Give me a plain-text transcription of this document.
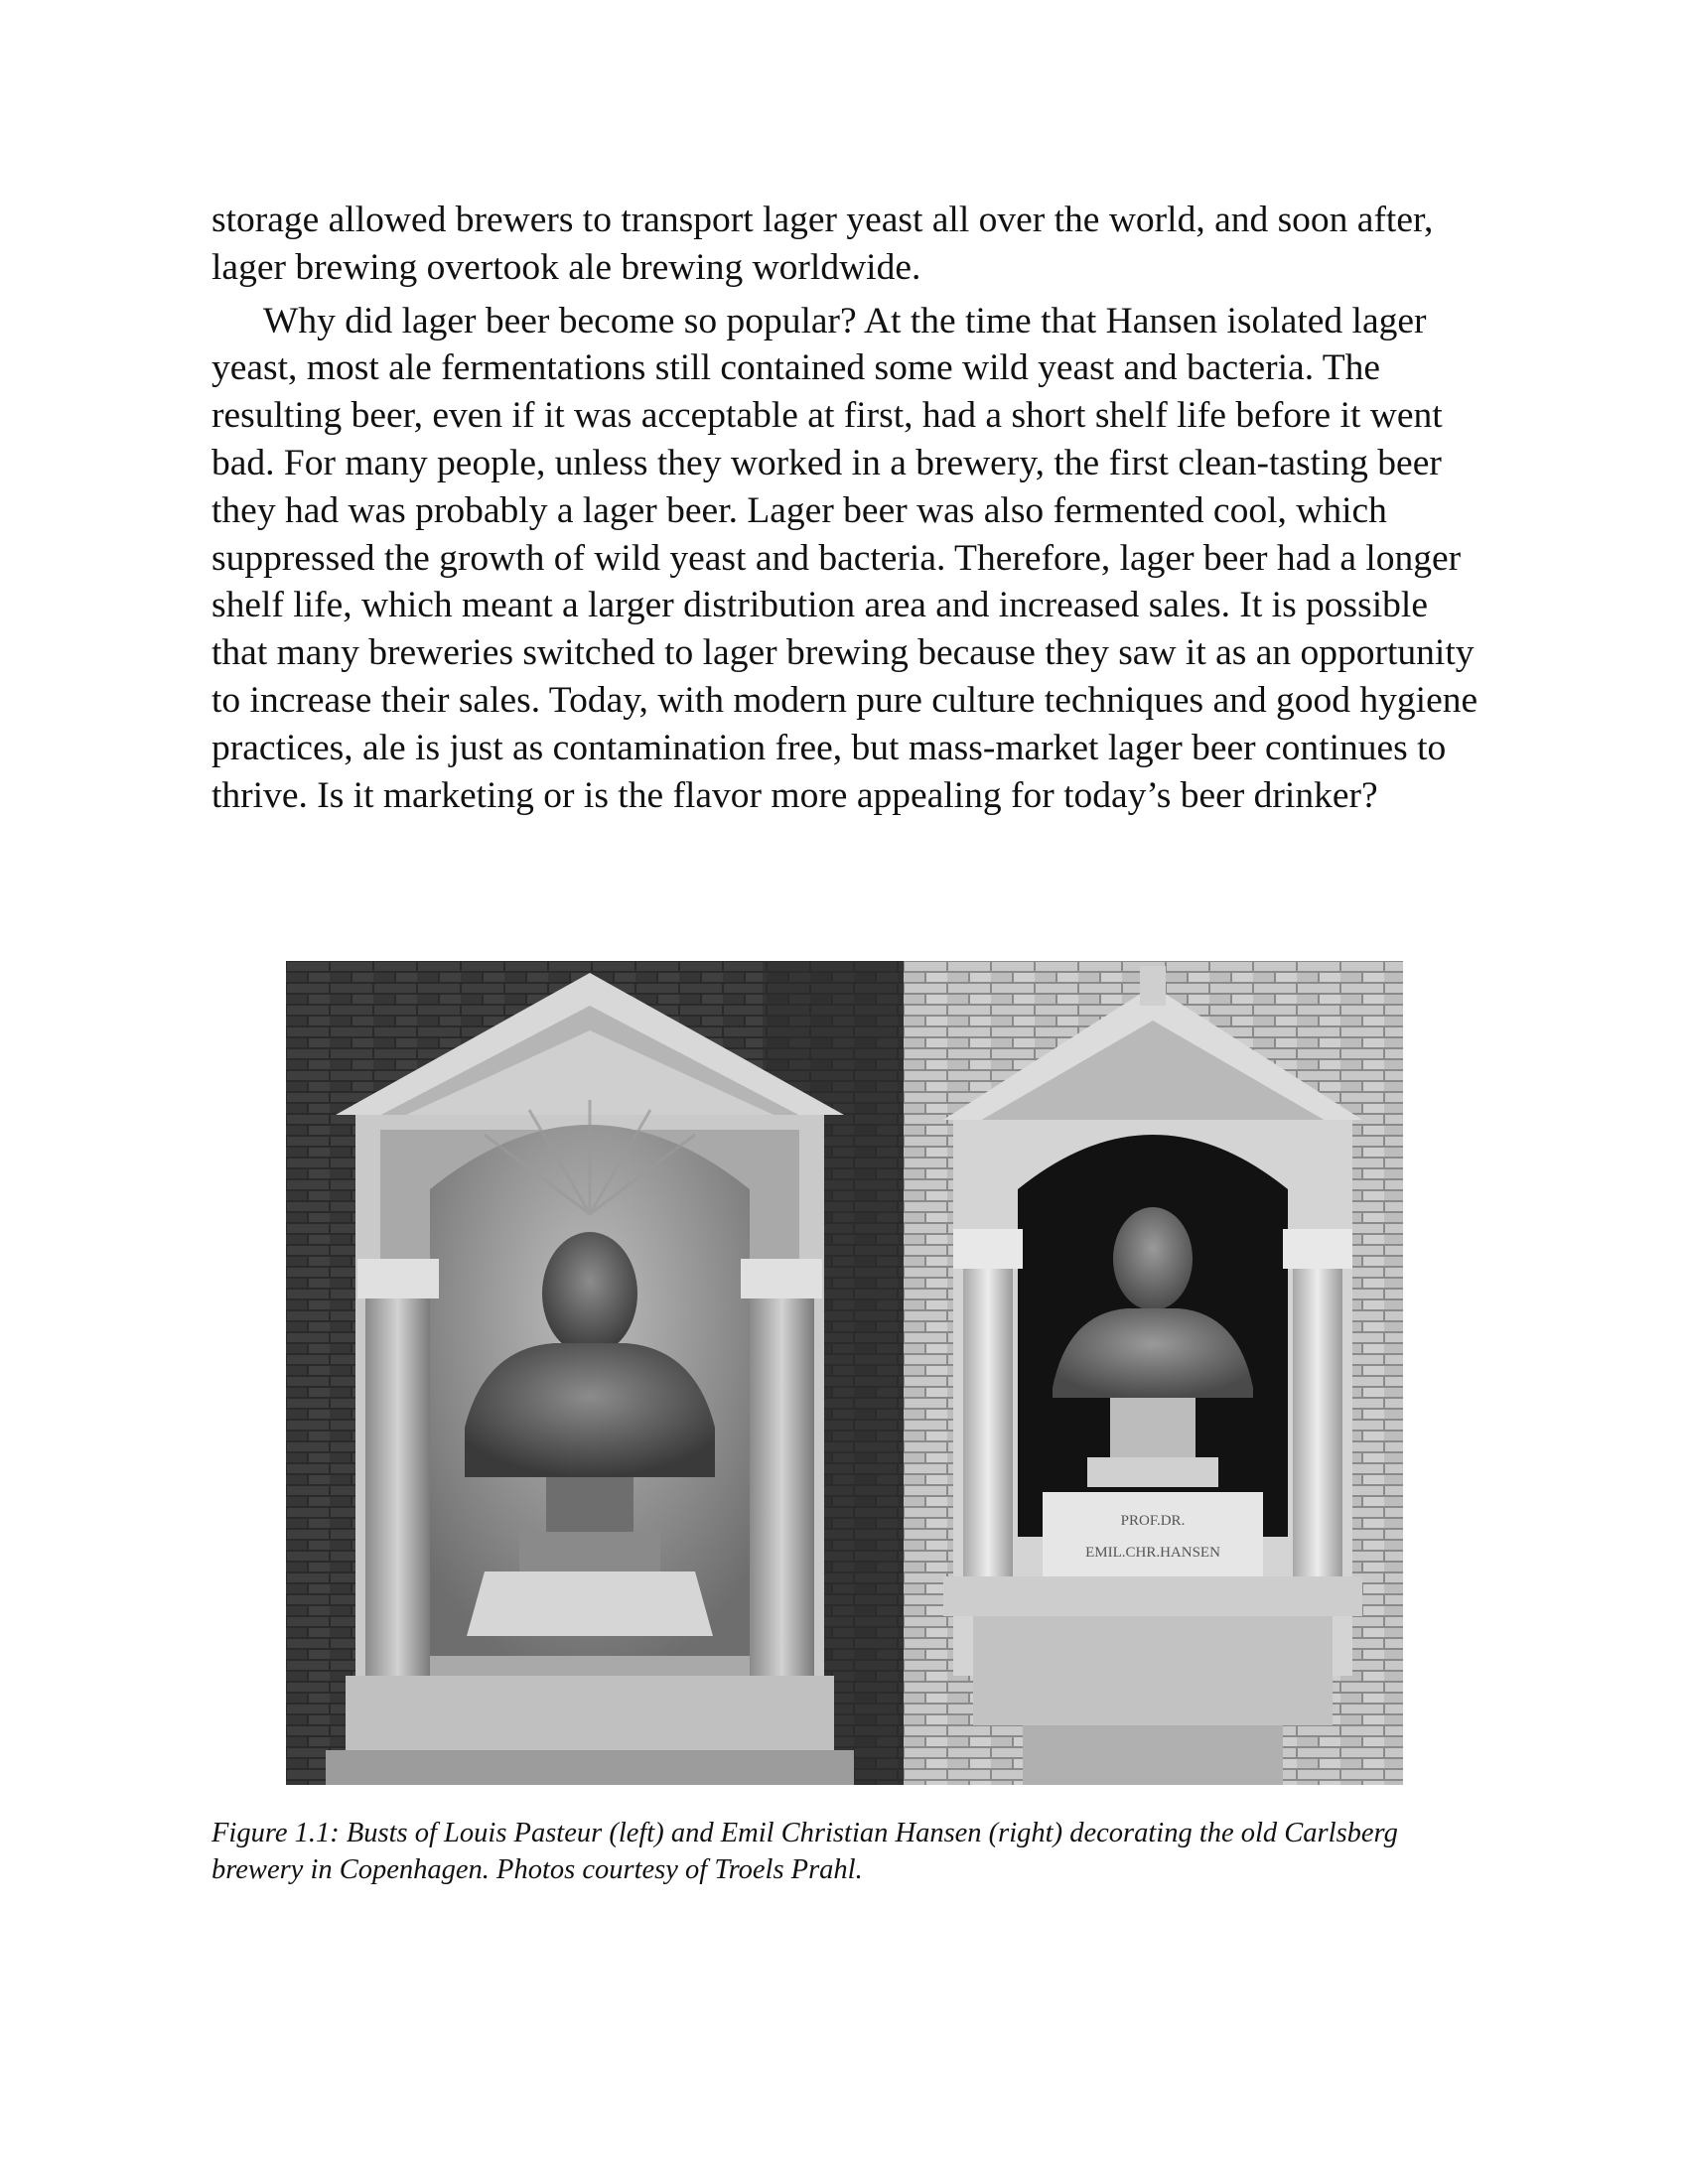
storage allowed brewers to transport lager yeast all over the world, and soon after, lager brewing overtook ale brewing worldwide.

Why did lager beer become so popular? At the time that Hansen isolated lager yeast, most ale fermentations still contained some wild yeast and bacteria. The resulting beer, even if it was acceptable at first, had a short shelf life before it went bad. For many people, unless they worked in a brewery, the first clean-tasting beer they had was probably a lager beer. Lager beer was also fermented cool, which suppressed the growth of wild yeast and bacteria. Therefore, lager beer had a longer shelf life, which meant a larger distribution area and increased sales. It is possible that many breweries switched to lager brewing because they saw it as an opportunity to increase their sales. Today, with modern pure culture techniques and good hygiene practices, ale is just as contamination free, but mass-market lager beer continues to thrive. Is it marketing or is the flavor more appealing for today’s beer drinker?

PROF.DR.
EMIL.CHR.HANSEN

Figure 1.1: Busts of Louis Pasteur (left) and Emil Christian Hansen (right) decorating the old Carlsberg brewery in Copenhagen. Photos courtesy of Troels Prahl.
